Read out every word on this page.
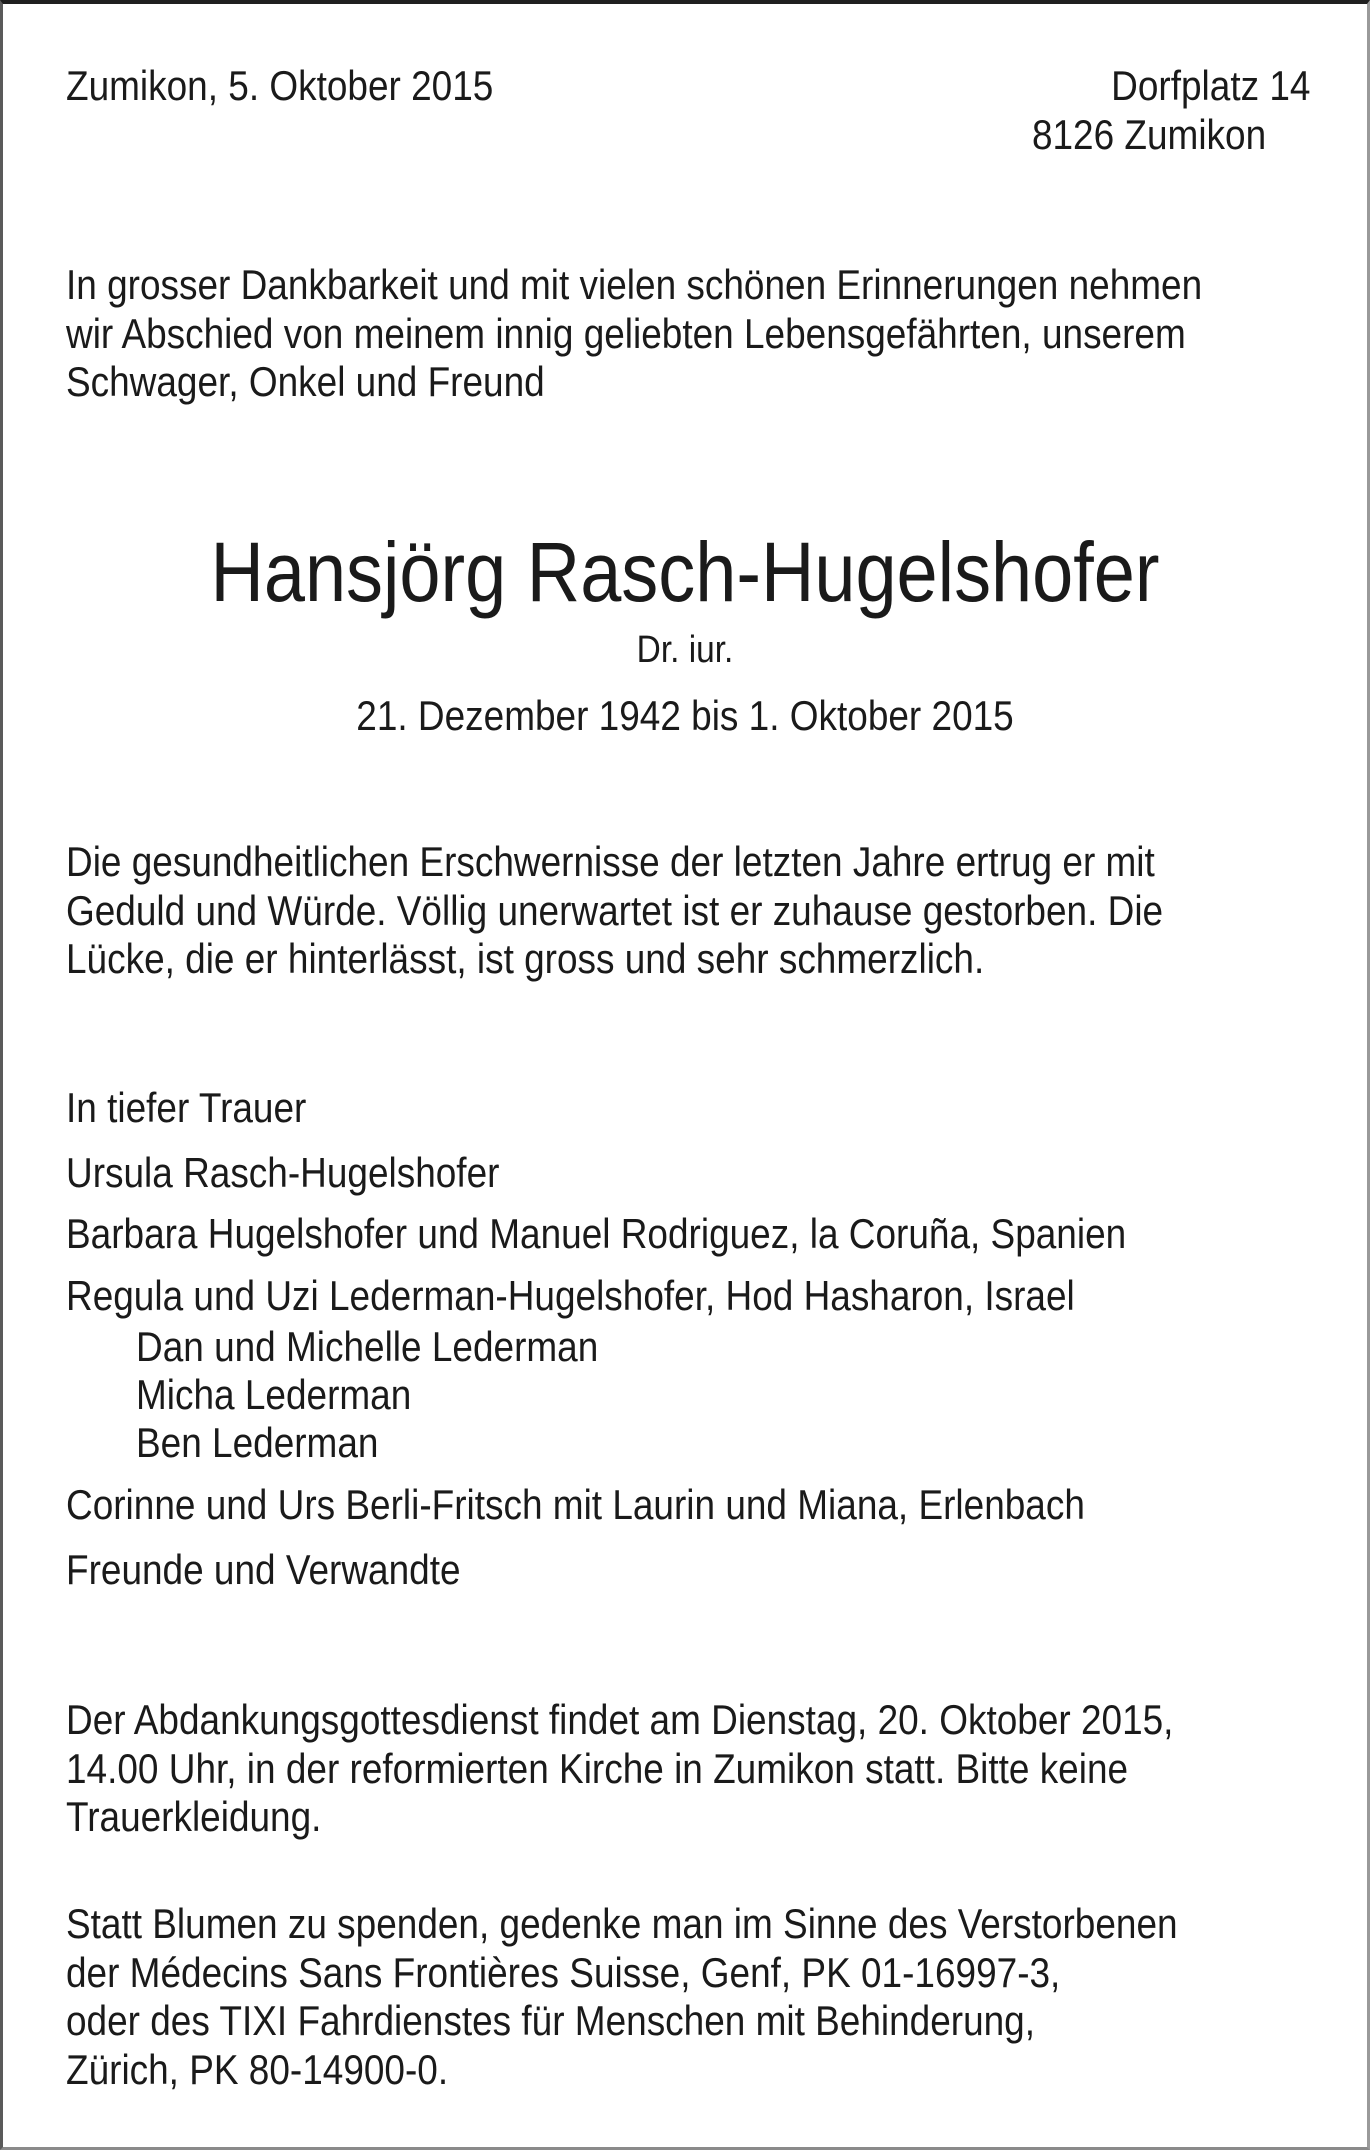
Zumikon, 5. Oktober 2015	Dorfplatz 14
8126 Zumikon
In grosser Dankbarkeit und mit vielen schönen Erinnerungen nehmen
wir Abschied von meinem innig geliebten Lebensgefährten, unserem
Schwager, Onkel und Freund
Hansjörg Rasch-Hugelshofer
Dr. iur.
21. Dezember 1942 bis 1. Oktober 2015
Die gesundheitlichen Erschwernisse der letzten Jahre ertrug er mit
Geduld und Würde. Völlig unerwartet ist er zuhause gestorben. Die
Lücke, die er hinterlässt, ist gross und sehr schmerzlich.
In tiefer Trauer
Ursula Rasch-Hugelshofer
Barbara Hugelshofer und Manuel Rodriguez, la Coruña, Spanien
Regula und Uzi Lederman-Hugelshofer, Hod Hasharon, Israel
Dan und Michelle Lederman
Micha Lederman
Ben Lederman
Corinne und Urs Berli-Fritsch mit Laurin und Miana, Erlenbach
Freunde und Verwandte
Der Abdankungsgottesdienst findet am Dienstag, 20. Oktober 2015,
14.00 Uhr, in der reformierten Kirche in Zumikon statt. Bitte keine
Trauerkleidung.
Statt Blumen zu spenden, gedenke man im Sinne des Verstorbenen
der Médecins Sans Frontières Suisse, Genf, PK 01-16997-3,
oder des TIXI Fahrdienstes für Menschen mit Behinderung,
Zürich, PK 80-14900-0.
